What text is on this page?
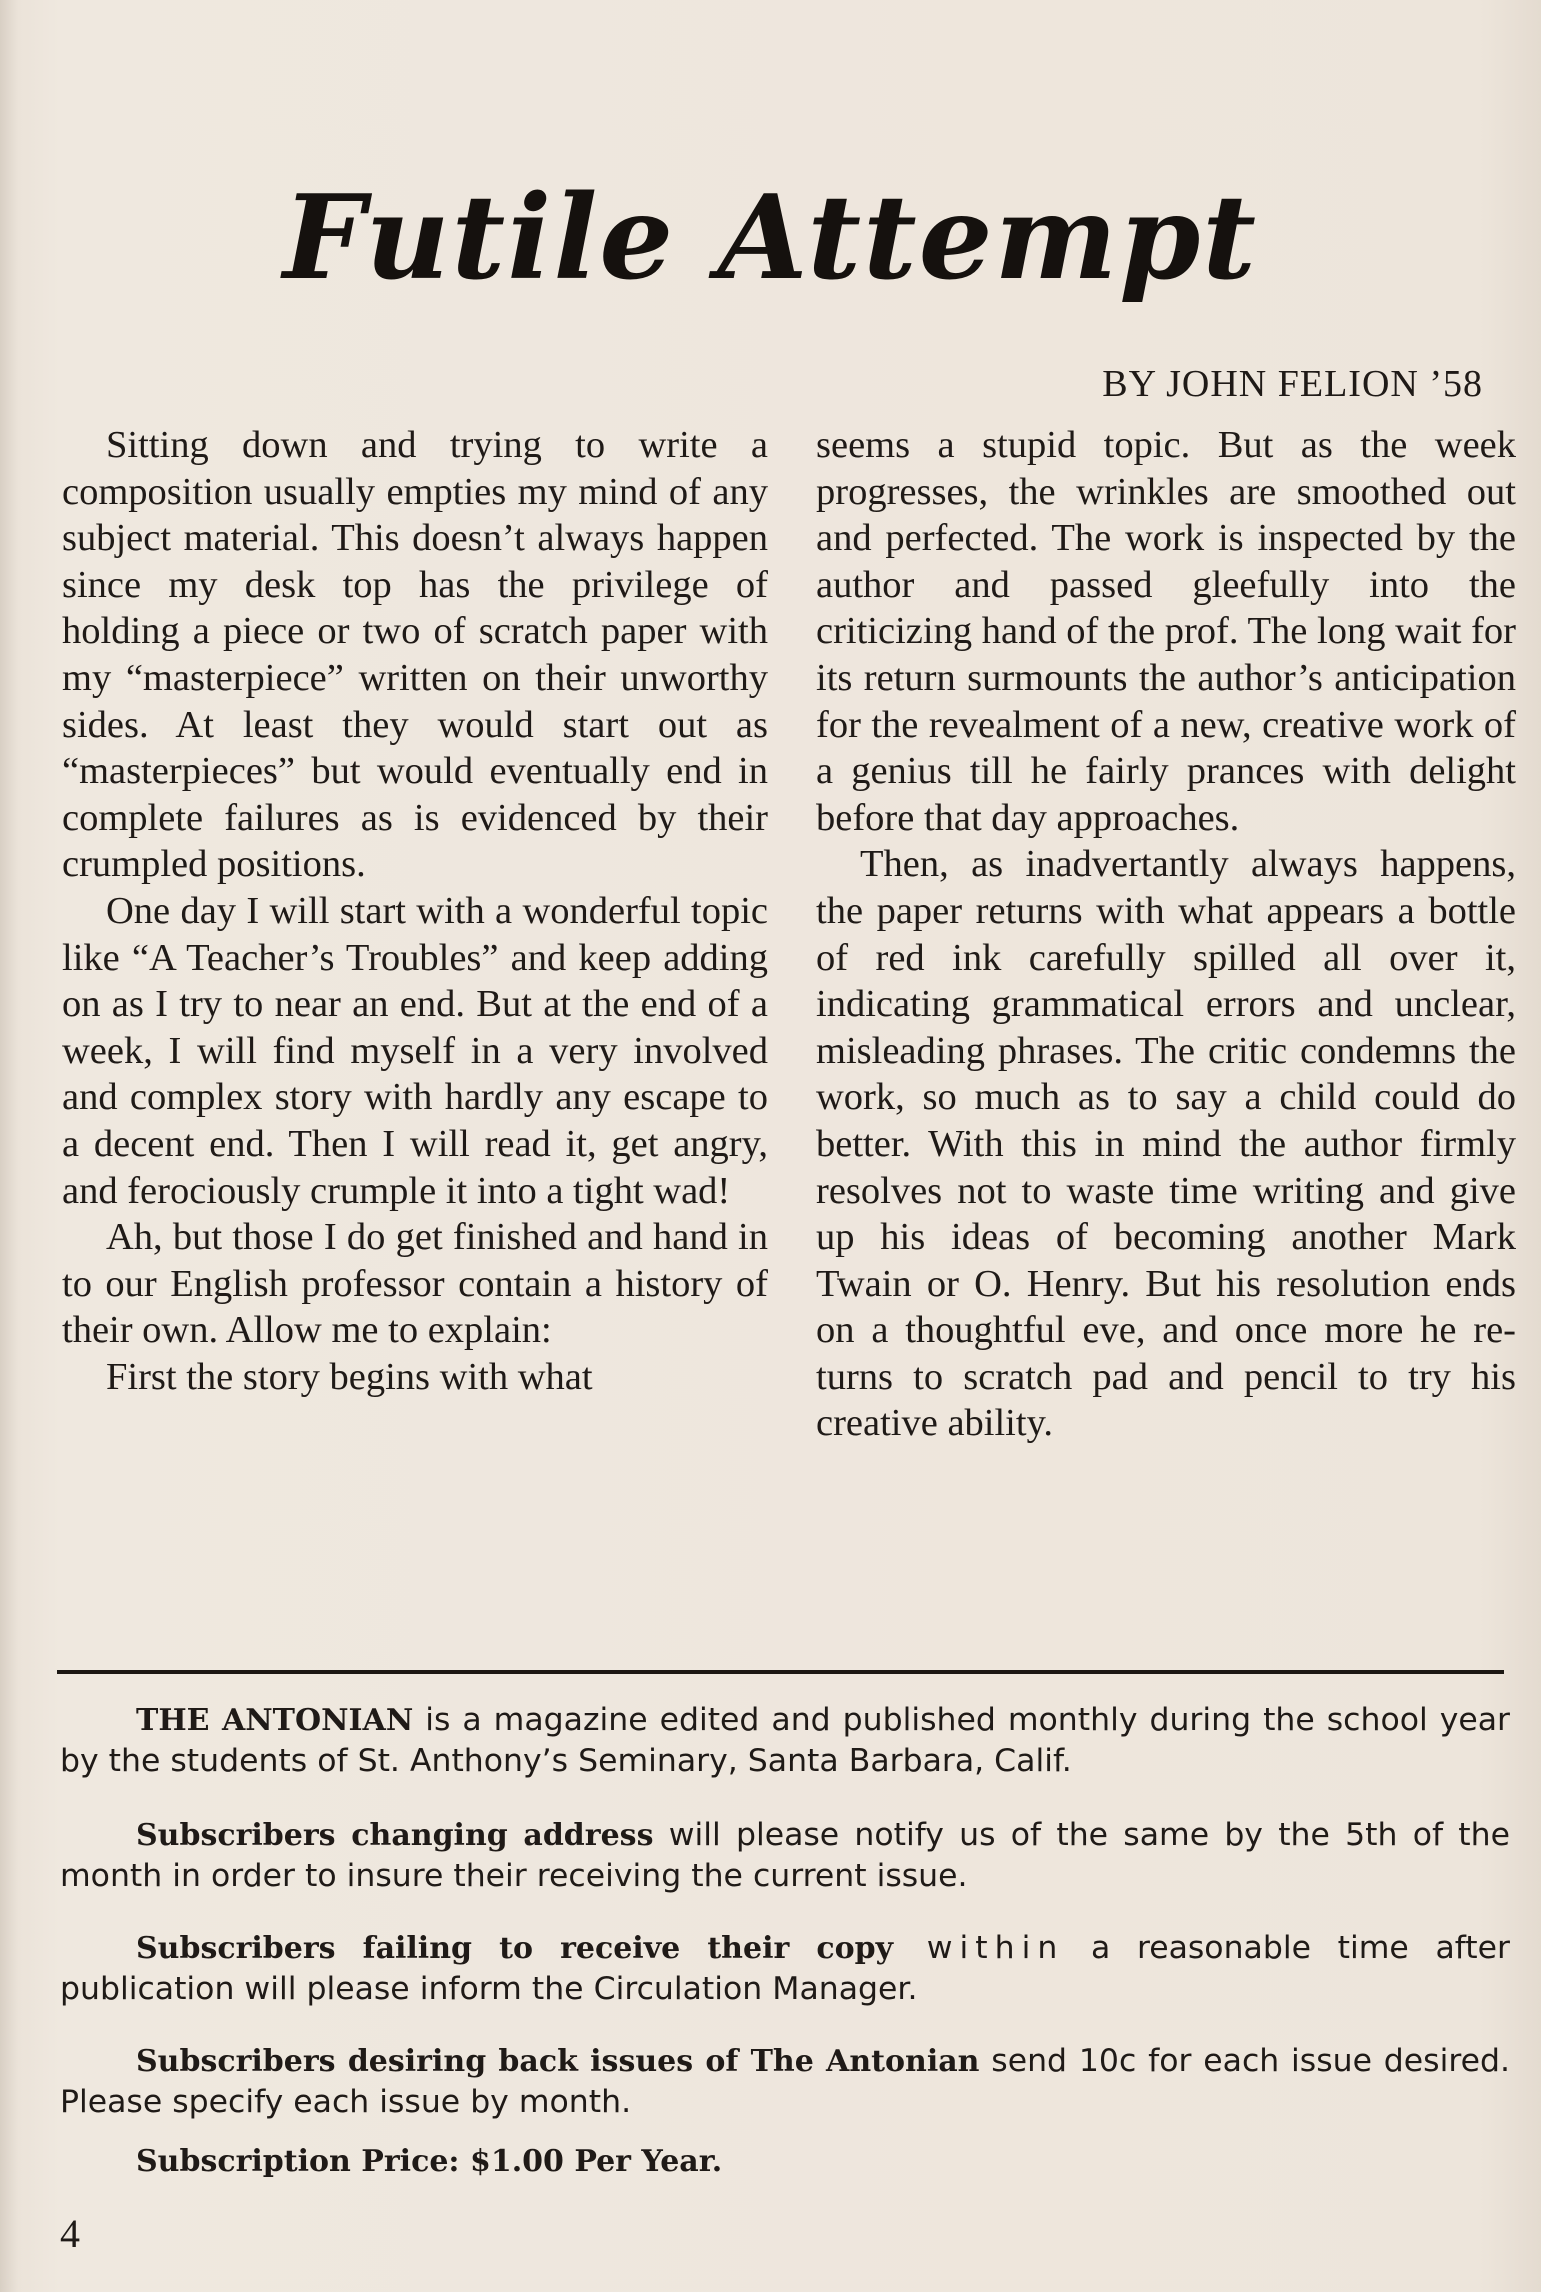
Futile Attempt

BY JOHN FELION ’58

Sitting down and trying to write a composition usually empties my mind of any subject material. This doesn’t always happen since my desk top has the privilege of holding a piece or two of scratch paper with my “masterpiece” written on their unworthy sides. At least they would start out as “masterpieces” but would eventually end in complete failures as is evidenced by their crumpled positions.

One day I will start with a wonderful topic like “A Teacher’s Troubles” and keep adding on as I try to near an end. But at the end of a week, I will find myself in a very involved and complex story with hardly any escape to a decent end. Then I will read it, get angry, and ferociously crumple it into a tight wad!

Ah, but those I do get finished and hand in to our English professor contain a history of their own. Allow me to explain:

First the story begins with what

seems a stupid topic. But as the week progresses, the wrinkles are smoothed out and perfected. The work is inspected by the author and passed gleefully into the criticizing hand of the prof. The long wait for its return surmounts the author’s anticipation for the revealment of a new, creative work of a genius till he fairly prances with delight before that day approaches.

Then, as inadvertantly always happens, the paper returns with what appears a bottle of red ink carefully spilled all over it, indicating grammatical errors and unclear, misleading phrases. The critic condemns the work, so much as to say a child could do better. With this in mind the author firmly resolves not to waste time writing and give up his ideas of becoming another Mark Twain or O. Henry. But his resolution ends on a thoughtful eve, and once more he returns to scratch pad and pencil to try his creative ability.

THE ANTONIAN is a magazine edited and published monthly during the school year by the students of St. Anthony’s Seminary, Santa Barbara, Calif.

Subscribers changing address will please notify us of the same by the 5th of the month in order to insure their receiving the current issue.

Subscribers failing to receive their copy within a reasonable time after publication will please inform the Circulation Manager.

Subscribers desiring back issues of The Antonian send 10c for each issue desired. Please specify each issue by month.

Subscription Price: $1.00 Per Year.

4
